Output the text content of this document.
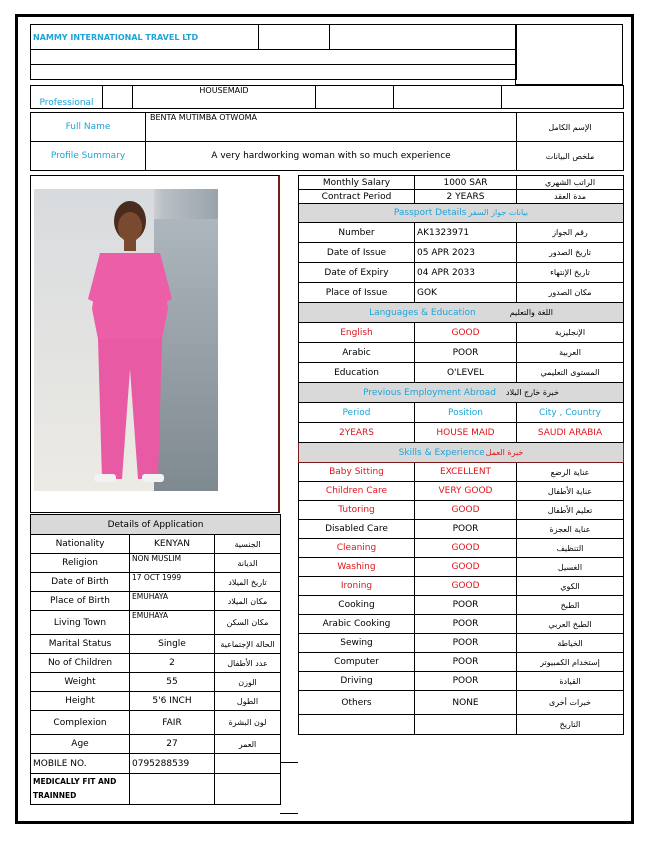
NAMMY INTERNATIONAL TRAVEL LTD		

Professional		HOUSEMAID			
Full Name	BENTA MUTIMBA OTWOMA	الإسم الكامل
Profile Summary	A very hardworking woman with so much experience	ملخص البيانات
Monthly Salary	1000 SAR	الراتب الشهري
Contract Period	2 YEARS	مدة العقد
Passport Details بيانات جواز السفر		
Number	AK1323971	رقم الجواز
Date of Issue	05 APR 2023	تاريخ الصدور
Date of Expiry	04 APR 2033	تاريخ الإنتهاء
Place of Issue	GOK	مكان الصدور
Languages & Education اللغة والتعليم		
English	GOOD	الإنجليزية
Arabic	POOR	العربية
Education	O'LEVEL	المستوى التعليمي
Previous Employment Abroad خبرة خارج البلاد		
Period	Position	City , Country
2YEARS	HOUSE MAID	SAUDI ARABIA
Skills & Experienceخبرة العمل		
Baby Sitting	EXCELLENT	عناية الرضع
Children Care	VERY GOOD	عناية الأطفال
Tutoring	GOOD	تعليم الأطفال
Disabled Care	POOR	عناية العجزة
Cleaning	GOOD	التنظيف
Washing	GOOD	الغسيل
Ironing	GOOD	الكوي
Cooking	POOR	الطبخ
Arabic Cooking	POOR	الطبخ العربي
Sewing	POOR	الخياطة
Computer	POOR	إستخدام الكمبيوتر
Driving	POOR	القيادة
Others	NONE	خبرات أخرى
		التاريخ
Details of Application		
Nationality	KENYAN	الجنسية
Religion	NON MUSLIM	الديانة
Date of Birth	17 OCT 1999	تاريخ الميلاد
Place of Birth	EMUHAYA	مكان الميلاد
Living Town	EMUHAYA	مكان السكن
Marital Status	Single	الحالة الإجتماعية
No of Children	2	عدد الأطفال
Weight	55	الوزن
Height	5'6 INCH	الطول
Complexion	FAIR	لون البشرة
Age	27	العمر
MOBILE NO.	0795288539	
MEDICALLY FIT AND TRAINNED		
